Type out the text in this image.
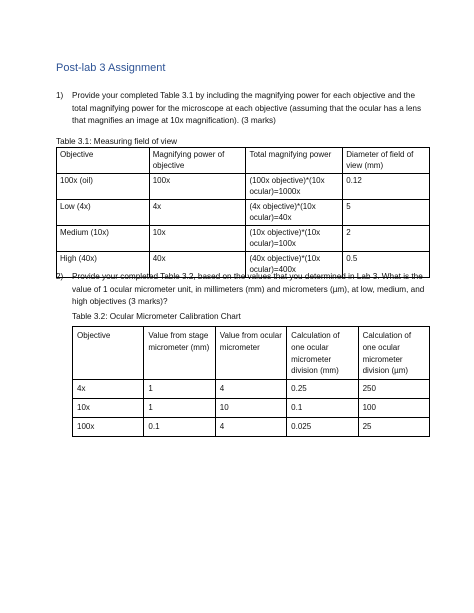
Post-lab 3 Assignment
1) Provide your completed Table 3.1 by including the magnifying power for each objective and the total magnifying power for the microscope at each objective (assuming that the ocular has a lens that magnifies an image at 10x magnification). (3 marks)
Table 3.1: Measuring field of view
Objective	Magnifying power of objective	Total magnifying power	Diameter of field of view (mm)
100x (oil)	100x	(100x objective)*(10x ocular)=1000x	0.12
Low (4x)	4x	(4x objective)*(10x ocular)=40x	5
Medium (10x)	10x	(10x objective)*(10x ocular)=100x	2
High (40x)	40x	(40x objective)*(10x ocular)=400x	0.5
2) Provide your completed Table 3.2, based on the values that you determined in Lab 3. What is the value of 1 ocular micrometer unit, in millimeters (mm) and micrometers (µm), at low, medium, and high objectives (3 marks)?
Table 3.2: Ocular Micrometer Calibration Chart
Objective	Value from stage micrometer (mm)	Value from ocular micrometer	Calculation of one ocular micrometer division (mm)	Calculation of one ocular micrometer division (µm)
4x	1	4	0.25	250
10x	1	10	0.1	100
100x	0.1	4	0.025	25
